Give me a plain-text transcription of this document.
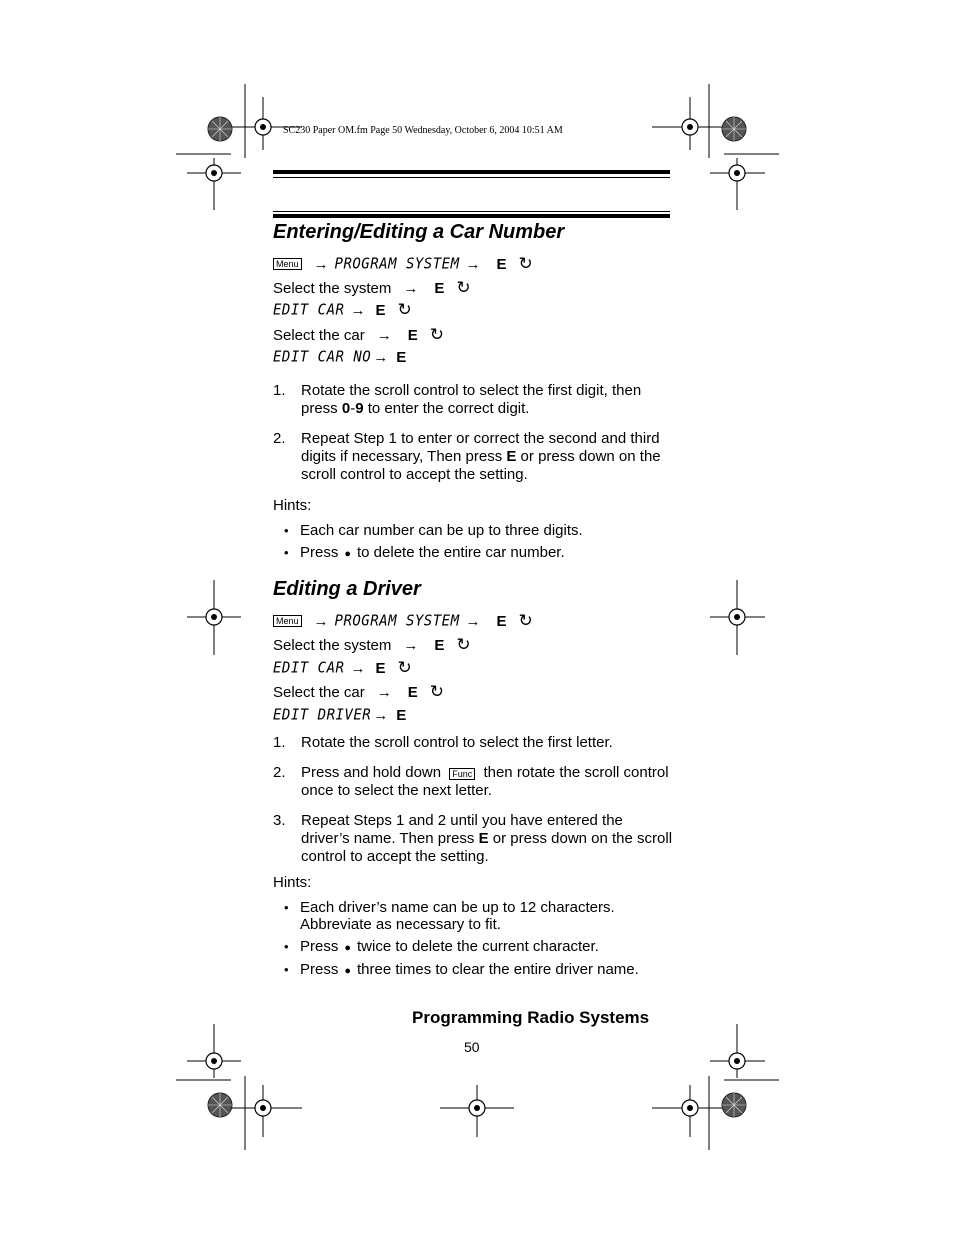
SC230 Paper OM.fm Page 50 Wednesday, October 6, 2004 10:51 AM
Entering/Editing a Car Number
Menu → PROGRAM SYSTEM → E ↻
Select the system → E ↻
EDIT CAR → E ↻
Select the car → E ↻
EDIT CAR NO → E
1. Rotate the scroll control to select the first digit, then press 0-9 to enter the correct digit.
2. Repeat Step 1 to enter or correct the second and third digits if necessary, Then press E or press down on the scroll control to accept the setting.
Hints:
• Each car number can be up to three digits.
• Press ● to delete the entire car number.
Editing a Driver
Menu → PROGRAM SYSTEM → E ↻
Select the system → E ↻
EDIT CAR → E ↻
Select the car → E ↻
EDIT DRIVER → E
1. Rotate the scroll control to select the first letter.
2. Press and hold down Func then rotate the scroll control once to select the next letter.
3. Repeat Steps 1 and 2 until you have entered the driver’s name. Then press E or press down on the scroll control to accept the setting.
Hints:
• Each driver’s name can be up to 12 characters. Abbreviate as necessary to fit.
• Press ● twice to delete the current character.
• Press ● three times to clear the entire driver name.
Programming Radio Systems
50
